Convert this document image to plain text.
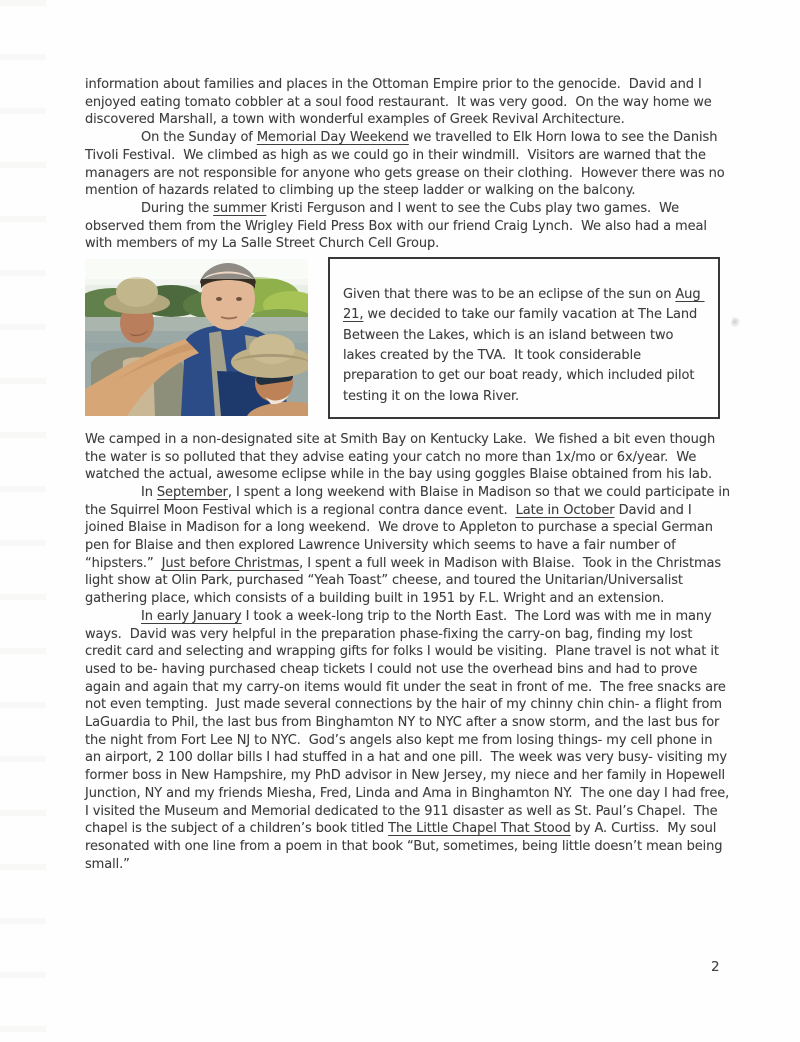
information about families and places in the Ottoman Empire prior to the genocide.  David and I enjoyed eating tomato cobbler at a soul food restaurant.  It was very good.  On the way home we discovered Marshall, a town with wonderful examples of Greek Revival Architecture.

On the Sunday of Memorial Day Weekend we travelled to Elk Horn Iowa to see the Danish Tivoli Festival.  We climbed as high as we could go in their windmill.  Visitors are warned that the managers are not responsible for anyone who gets grease on their clothing.  However there was no mention of hazards related to climbing up the steep ladder or walking on the balcony.

During the summer Kristi Ferguson and I went to see the Cubs play two games.  We observed them from the Wrigley Field Press Box with our friend Craig Lynch.  We also had a meal with members of my La Salle Street Church Cell Group.

Given that there was to be an eclipse of the sun on Aug 21, we decided to take our family vacation at The Land Between the Lakes, which is an island between two lakes created by the TVA.  It took considerable preparation to get our boat ready, which included pilot testing it on the Iowa River.

We camped in a non-designated site at Smith Bay on Kentucky Lake.  We fished a bit even though the water is so polluted that they advise eating your catch no more than 1x/mo or 6x/year.  We watched the actual, awesome eclipse while in the bay using goggles Blaise obtained from his lab.

In September, I spent a long weekend with Blaise in Madison so that we could participate in the Squirrel Moon Festival which is a regional contra dance event.  Late in October David and I joined Blaise in Madison for a long weekend.  We drove to Appleton to purchase a special German pen for Blaise and then explored Lawrence University which seems to have a fair number of “hipsters.”  Just before Christmas, I spent a full week in Madison with Blaise.  Took in the Christmas light show at Olin Park, purchased “Yeah Toast” cheese, and toured the Unitarian/Universalist gathering place, which consists of a building built in 1951 by F.L. Wright and an extension.

In early January I took a week-long trip to the North East.  The Lord was with me in many ways.  David was very helpful in the preparation phase-fixing the carry-on bag, finding my lost credit card and selecting and wrapping gifts for folks I would be visiting.  Plane travel is not what it used to be- having purchased cheap tickets I could not use the overhead bins and had to prove again and again that my carry-on items would fit under the seat in front of me.  The free snacks are not even tempting.  Just made several connections by the hair of my chinny chin chin- a flight from LaGuardia to Phil, the last bus from Binghamton NY to NYC after a snow storm, and the last bus for the night from Fort Lee NJ to NYC.  God’s angels also kept me from losing things- my cell phone in an airport, 2 100 dollar bills I had stuffed in a hat and one pill.  The week was very busy- visiting my former boss in New Hampshire, my PhD advisor in New Jersey, my niece and her family in Hopewell Junction, NY and my friends Miesha, Fred, Linda and Ama in Binghamton NY.  The one day I had free, I visited the Museum and Memorial dedicated to the 911 disaster as well as St. Paul’s Chapel.  The chapel is the subject of a children’s book titled The Little Chapel That Stood by A. Curtiss.  My soul resonated with one line from a poem in that book “But, sometimes, being little doesn’t mean being small.”

2
